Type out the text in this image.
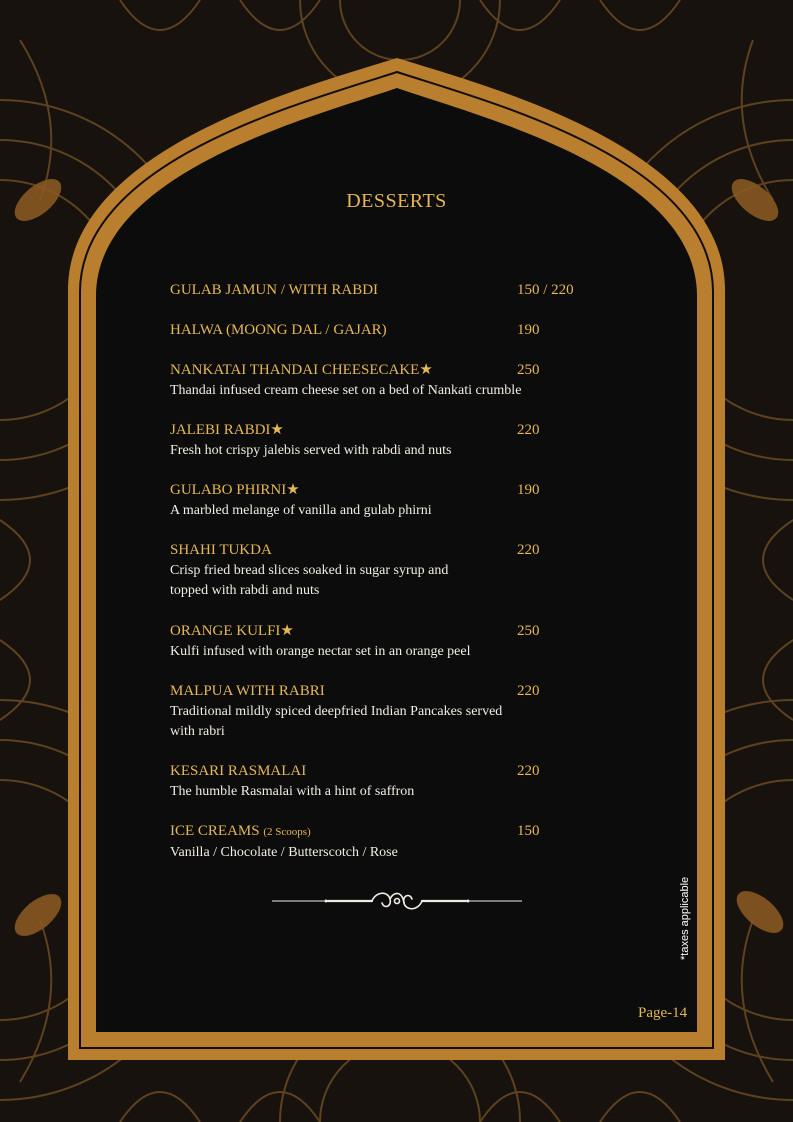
DESSERTS
GULAB JAMUN / WITH RABDI	150 / 220
HALWA (MOONG DAL / GAJAR)	190
NANKATAI THANDAI CHEESECAKE★	250
Thandai infused cream cheese set on a bed of Nankati crumble
JALEBI RABDI★	220
Fresh hot crispy jalebis served with rabdi and nuts
GULABO PHIRNI★	190
A marbled melange of vanilla and gulab phirni
SHAHI TUKDA	220
Crisp fried bread slices soaked in sugar syrup and
topped with rabdi and nuts
ORANGE KULFI★	250
Kulfi infused with orange nectar set in an orange peel
MALPUA WITH RABRI	220
Traditional mildly spiced deepfried Indian Pancakes served
with rabri
KESARI RASMALAI	220
The humble Rasmalai with a hint of saffron
ICE CREAMS (2 Scoops)	150
Vanilla / Chocolate / Butterscotch / Rose
*taxes applicable
Page-14
